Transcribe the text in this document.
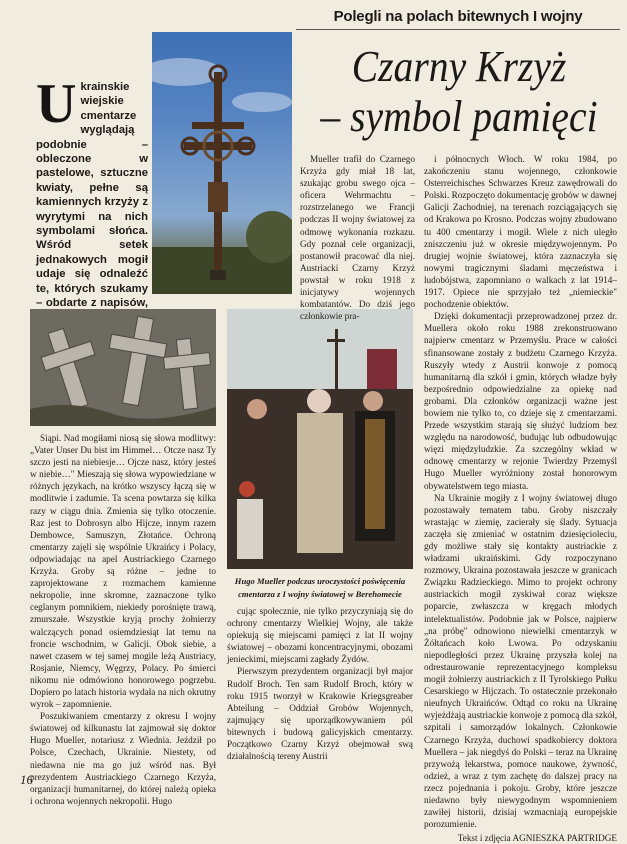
Polegli na polach bitewnych I wojny
Czarny Krzyż
– symbol pamięci
U krainskie wiejskie cmentarze wyglądają podobnie – obleczone w pastelowe, sztuczne kwiaty, pełne są kamiennych krzyży z wyrytymi na nich symbolami słońca. Wśród setek jednakowych mogił udaje się odnaleźć te, których szukamy – obdarte z napisów,
Hugo Mueller podczas uroczystości poświęcenia cmentarza z I wojny światowej w Berehomecie

Siąpi. Nad mogiłami niosą się słowa modlitwy: „Vater Unser Du bist im Himmel… Otcze nasz Ty szczo jesti na niebiesje… Ojcze nasz, który jesteś w niebie…" Mieszają się słowa wypowiedziane w różnych językach, na krótko wszyscy łączą się w modlitwie i zadumie. Ta scena powtarza się kilka razy w ciągu dnia. Zmienia się tylko otoczenie. Raz jest to Dobrosyn albo Hijcze, innym razem Dembowce, Samuszyn, Złotańce. Ochroną cmentarzy zajęli się wspólnie Ukraińcy i Polacy, odpowiadając na apel Austriackiego Czarnego Krzyża. Groby są różne – jedne to zaprojektowane z rozmachem kamienne nekropolie, inne skromne, zaznaczone tylko ceglanym pomnikiem, niekiedy porośnięte trawą, zmurszałe. Wszystkie kryją prochy żołnierzy walczących ponad osiemdziesiąt lat temu na froncie wschodnim, w Galicji. Obok siebie, a nawet czasem w tej samej mogile leżą Austriacy, Rosjanie, Niemcy, Węgrzy, Polacy. Po śmierci nikomu nie odmówiono honorowego pogrzebu. Dopiero po latach historia wydała na nich okrutny wyrok – zapomnienie.

Poszukiwaniem cmentarzy z okresu I wojny światowej od kilkunastu lat zajmował się doktor Hugo Mueller, notariusz z Wiednia. Jeździł po Polsce, Czechach, Ukrainie. Niestety, od niedawna nie ma go już wśród nas. Był prezydentem Austriackiego Czarnego Krzyża, organizacji humanitarnej, do której należą opieka i ochrona wojennych nekropolii. Hugo

cując społecznie, nie tylko przyczyniają się do ochrony cmentarzy Wielkiej Wojny, ale także opiekują się miejscami pamięci z lat II wojny światowej – obozami koncentracyjnymi, obozami jenieckimi, miejscami zagłady Żydów.

Pierwszym prezydentem organizacji był major Rudolf Broch. Ten sam Rudolf Broch, który w roku 1915 tworzył w Krakowie Kriegsgreaber Abteilung – Oddział Grobów Wojennych, zajmujący się uporządkowywaniem pól bitewnych i budową galicyjskich cmentarzy. Początkowo Czarny Krzyż obejmował swą działalnością tereny Austrii

Mueller trafił do Czarnego Krzyża gdy miał 18 lat, szukając grobu swego ojca – oficera Wehrmachtu – rozstrzelanego we Francji podczas II wojny światowej za odmowę wykonania rozkazu. Gdy poznał cele organizacji, postanowił pracować dla niej. Austriacki Czarny Krzyż powstał w roku 1918 z inicjatywy wojennych kombatantów. Do dziś jego członkowie pra-

i północnych Włoch. W roku 1984, po zakończeniu stanu wojennego, członkowie Osterreichisches Schwarzes Kreuz zawędrowali do Polski. Rozpoczęto dokumentację grobów w dawnej Galicji Zachodniej, na terenach rozciągających się od Krakowa po Krosno. Podczas wojny zbudowano tu 400 cmentarzy i mogił. Wiele z nich uległo zniszczeniu już w okresie międzywojennym. Po drugiej wojnie światowej, która zaznaczyła się nowymi tragicznymi śladami męczeństwa i ludobójstwa, zapomniano o walkach z lat 1914–1917. Opiece nie sprzyjało też „niemieckie" pochodzenie obiektów.

Dzięki dokumentacji przeprowadzonej przez dr. Muellera około roku 1988 zrekonstruowano najpierw cmentarz w Przemyślu. Prace w całości sfinansowane zostały z budżetu Czarnego Krzyża. Ruszyły wtedy z Austrii konwoje z pomocą humanitarną dla szkół i gmin, których władze były bezpośrednio odpowiedzialne za opiekę nad grobami. Dla członków organizacji ważne jest bowiem nie tylko to, co dzieje się z cmentarzami. Przede wszystkim starają się służyć ludziom bez względu na narodowość, budując lub odbudowując więzi międzyludzkie. Za szczególny wkład w odnowę cmentarzy w rejonie Twierdzy Przemyśl Hugo Mueller wyróżniony został honorowym obywatelstwem tego miasta.

Na Ukrainie mogiły z I wojny światowej długo pozostawały tematem tabu. Groby niszczały wrastając w ziemię, zacierały się ślady. Sytuacja zaczęła się zmieniać w ostatnim dziesięcioleciu, gdy możliwe stały się kontakty austriackie z władzami ukraińskimi. Gdy rozpoczynano rozmowy, Ukraina pozostawała jeszcze w granicach Związku Radzieckiego. Mimo to projekt ochrony austriackich mogił zyskiwał coraz większe poparcie, zwłaszcza w kręgach młodych intelektualistów. Podobnie jak w Polsce, najpierw „na próbę" odnowiono niewielki cmentarzyk w Żółtańcach koło Lwowa. Po odzyskaniu niepodległości przez Ukrainę przyszła kolej na odrestaurowanie reprezentacyjnego kompleksu mogił żołnierzy austriackich z II Tyrolskiego Pułku Cesarskiego w Hijczach. To ostatecznie przekonało nieufnych Ukraińców. Odtąd co roku na Ukrainę wyjeżdżają austriackie konwoje z pomocą dla szkół, szpitali i samorządów lokalnych. Członkowie Czarnego Krzyża, duchowi spadkobiercy doktora Muellera – jak niegdyś do Polski – teraz na Ukrainę przywożą lekarstwa, pomoce naukowe, żywność, odzież, a wraz z tym zachętę do dalszej pracy na rzecz pojednania i pokoju. Groby, które jeszcze niedawno były niewygodnym wspomnieniem zawiłej historii, dzisiaj wzmacniają europejskie porozumienie.

Tekst i zdjęcia AGNIESZKA PARTRIDGE

16
